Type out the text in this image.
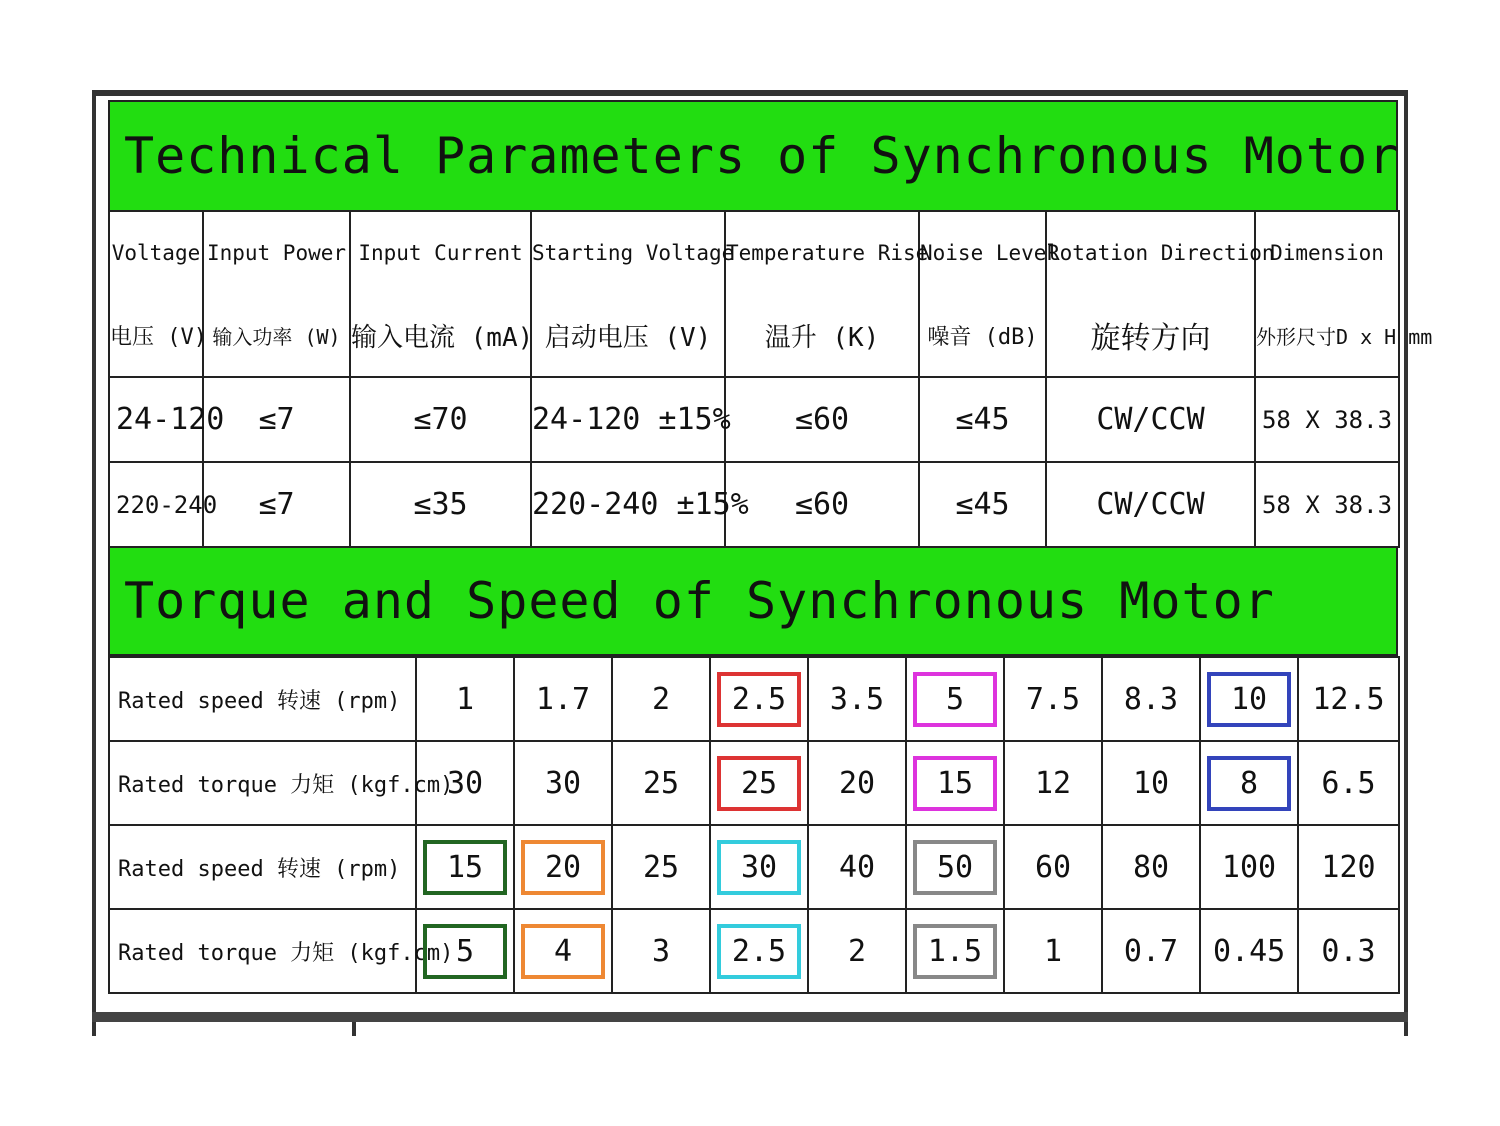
Technical Parameters of Synchronous Motor
Voltage	Input Power	Input Current	Starting Voltage	Temperature Rise	Noise Level	Rotation Direction	Dimension
电压 (V)	输入功率 (W)	输入电流 (mA)	启动电压 (V)	温升 (K)	噪音 (dB)	旋转方向	外形尺寸D x H mm
24-120	≤7	≤70	24-120 ±15%	≤60	≤45	CW/CCW	58 X 38.3
220-240	≤7	≤35	220-240 ±15%	≤60	≤45	CW/CCW	58 X 38.3
Torque and Speed of Synchronous Motor
Rated speed 转速 (rpm)	1	1.7	2	2.5	3.5	5	7.5	8.3	10	12.5
Rated torque 力矩 (kgf.cm)	30	30	25	25	20	15	12	10	8	6.5
Rated speed 转速 (rpm)	15	20	25	30	40	50	60	80	100	120
Rated torque 力矩 (kgf.cm)	5	4	3	2.5	2	1.5	1	0.7	0.45	0.3
